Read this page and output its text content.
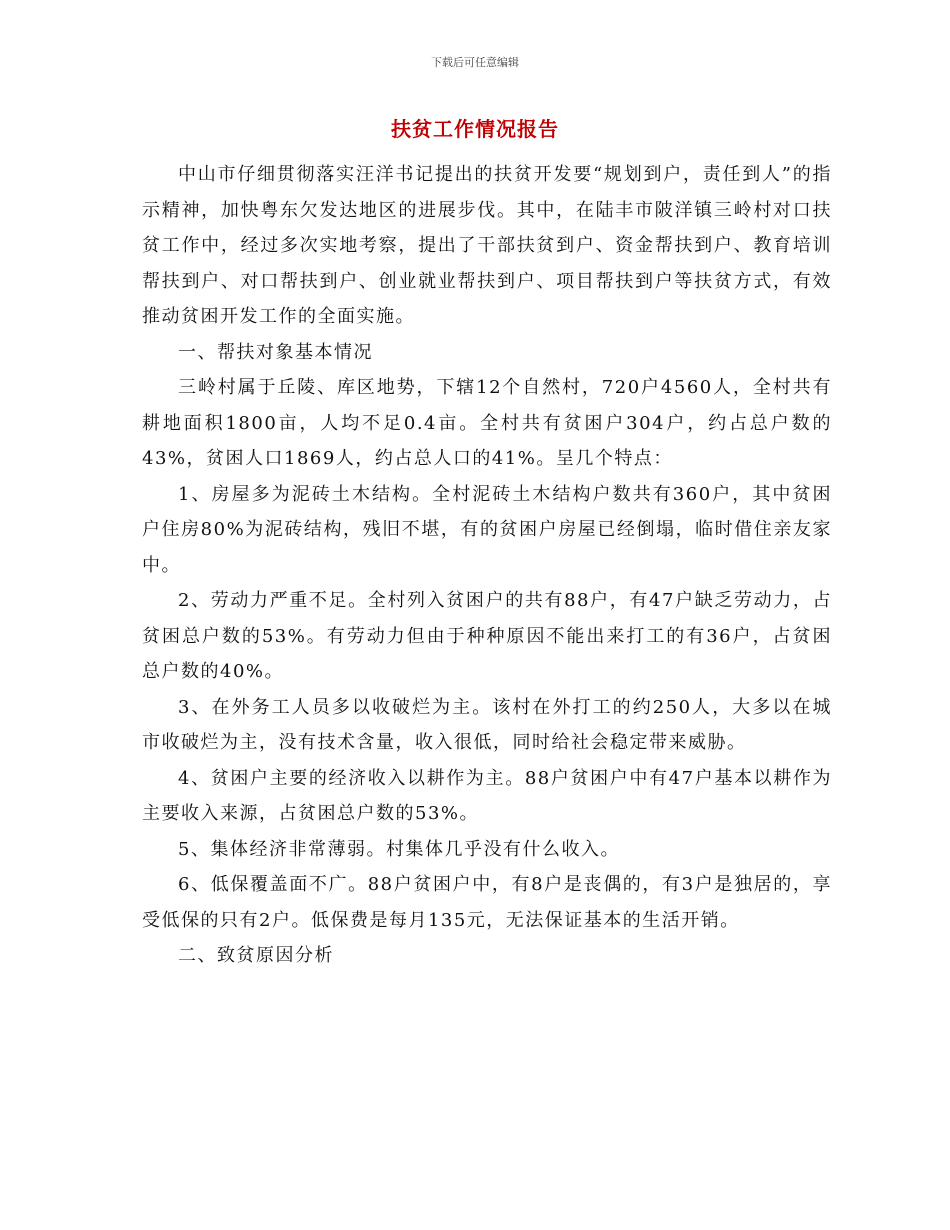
下载后可任意编辑
扶贫工作情况报告

中山市仔细贯彻落实汪洋书记提出的扶贫开发要“规划到户，责任到人”的指示精神，加快粤东欠发达地区的进展步伐。其中，在陆丰市陂洋镇三岭村对口扶贫工作中，经过多次实地考察，提出了干部扶贫到户、资金帮扶到户、教育培训帮扶到户、对口帮扶到户、创业就业帮扶到户、项目帮扶到户等扶贫方式，有效推动贫困开发工作的全面实施。

一、帮扶对象基本情况

三岭村属于丘陵、库区地势，下辖12个自然村，720户4560人，全村共有耕地面积1800亩，人均不足0.4亩。全村共有贫困户304户，约占总户数的43%，贫困人口1869人，约占总人口的41%。呈几个特点：

1、房屋多为泥砖土木结构。全村泥砖土木结构户数共有360户，其中贫困户住房80%为泥砖结构，残旧不堪，有的贫困户房屋已经倒塌，临时借住亲友家中。

2、劳动力严重不足。全村列入贫困户的共有88户，有47户缺乏劳动力，占贫困总户数的53%。有劳动力但由于种种原因不能出来打工的有36户，占贫困总户数的40%。

3、在外务工人员多以收破烂为主。该村在外打工的约250人，大多以在城市收破烂为主，没有技术含量，收入很低，同时给社会稳定带来威胁。

4、贫困户主要的经济收入以耕作为主。88户贫困户中有47户基本以耕作为主要收入来源，占贫困总户数的53%。

5、集体经济非常薄弱。村集体几乎没有什么收入。

6、低保覆盖面不广。88户贫困户中，有8户是丧偶的，有3户是独居的，享受低保的只有2户。低保费是每月135元，无法保证基本的生活开销。

二、致贫原因分析
